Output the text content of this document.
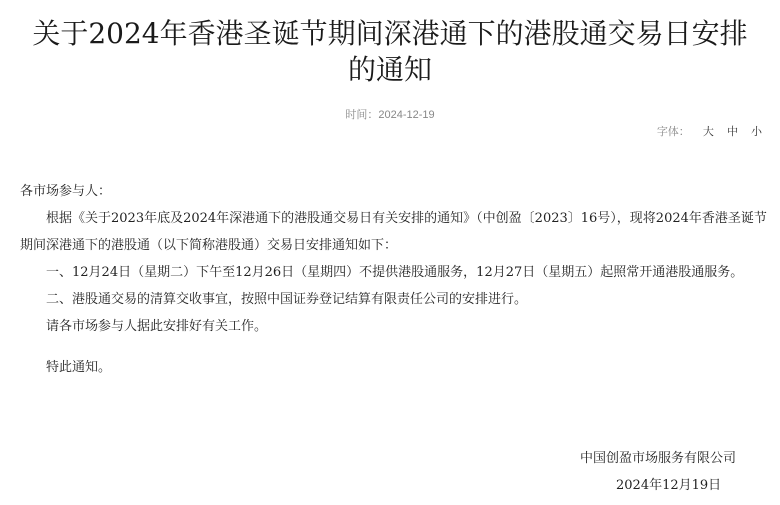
关于2024年香港圣诞节期间深港通下的港股通交易日安排的通知
时间：2024-12-19
字体： 大 中 小

各市场参与人：

根据《关于2023年底及2024年深港通下的港股通交易日有关安排的通知》（中创盈〔2023〕16号），现将2024年香港圣诞节期间深港通下的港股通（以下简称港股通）交易日安排通知如下：

一、12月24日（星期二）下午至12月26日（星期四）不提供港股通服务，12月27日（星期五）起照常开通港股通服务。

二、港股通交易的清算交收事宜，按照中国证券登记结算有限责任公司的安排进行。

请各市场参与人据此安排好有关工作。

特此通知。

中国创盈市场服务有限公司
2024年12月19日
